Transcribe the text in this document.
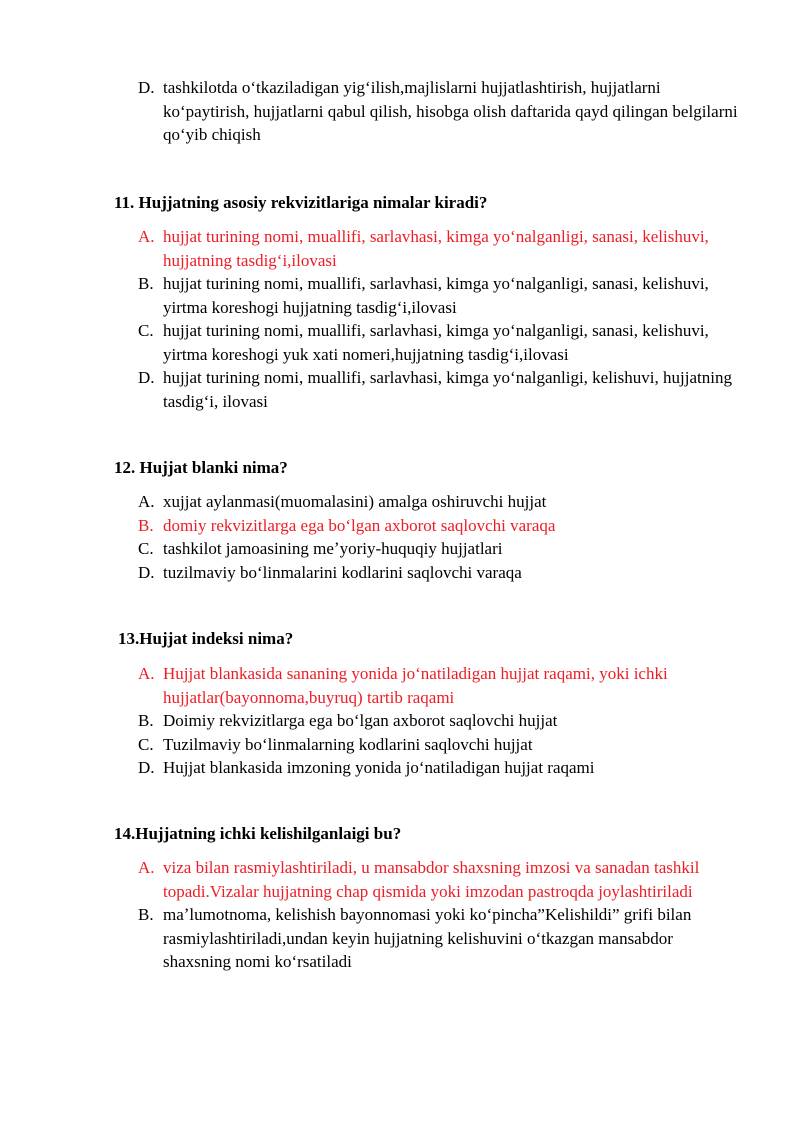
D. tashkilotda oʻtkaziladigan yigʻilish,majlislarni hujjatlashtirish, hujjatlarni koʻpaytirish, hujjatlarni qabul qilish, hisobga olish daftarida qayd qilingan belgilarni qoʻyib chiqish
11. Hujjatning asosiy rekvizitlariga nimalar kiradi?
A. hujjat turining nomi, muallifi, sarlavhasi, kimga yoʻnalganligi, sanasi, kelishuvi, hujjatning tasdigʻi,ilovasi
B. hujjat turining nomi, muallifi, sarlavhasi, kimga yoʻnalganligi, sanasi, kelishuvi, yirtma koreshogi hujjatning tasdigʻi,ilovasi
C. hujjat turining nomi, muallifi, sarlavhasi, kimga yoʻnalganligi, sanasi, kelishuvi, yirtma koreshogi yuk xati nomeri,hujjatning tasdigʻi,ilovasi
D. hujjat turining nomi, muallifi, sarlavhasi, kimga yoʻnalganligi, kelishuvi, hujjatning tasdigʻi, ilovasi
12. Hujjat blanki nima?
A. xujjat aylanmasi(muomalasini) amalga oshiruvchi hujjat
B. domiy rekvizitlarga ega boʻlgan axborot saqlovchi varaqa
C. tashkilot jamoasining meʼyoriy-huquqiy hujjatlari
D. tuzilmaviy boʻlinmalarini kodlarini saqlovchi varaqa
13.Hujjat indeksi nima?
A. Hujjat blankasida sananing yonida joʻnatiladigan hujjat raqami, yoki ichki hujjatlar(bayonnoma,buyruq) tartib raqami
B. Doimiy rekvizitlarga ega boʻlgan axborot saqlovchi hujjat
C. Tuzilmaviy boʻlinmalarning kodlarini saqlovchi hujjat
D. Hujjat blankasida imzoning yonida joʻnatiladigan hujjat raqami
14.Hujjatning ichki kelishilganlaigi bu?
A. viza bilan rasmiylashtiriladi, u mansabdor shaxsning imzosi va sanadan tashkil topadi.Vizalar hujjatning chap qismida yoki imzodan pastroqda joylashtiriladi
B. maʼlumotnoma, kelishish bayonnomasi yoki koʻpincha”Kelishildi” grifi bilan rasmiylashtiriladi,undan keyin hujjatning kelishuvini oʻtkazgan mansabdor shaxsning nomi koʻrsatiladi
